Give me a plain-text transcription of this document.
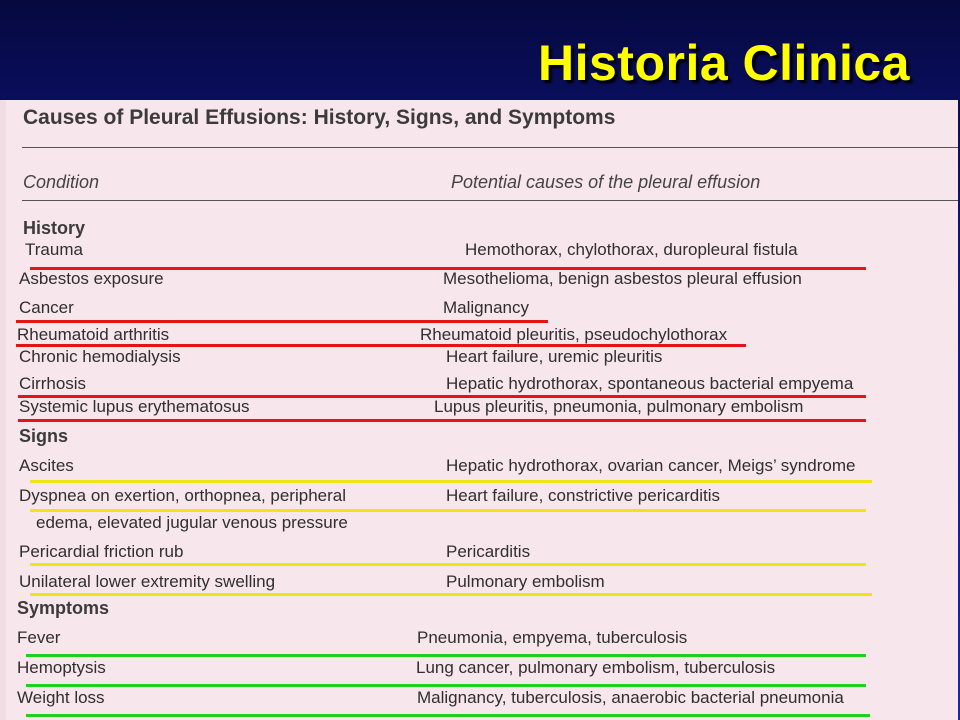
Historia Clinica
Causes of Pleural Effusions: History, Signs, and Symptoms
Condition	Potential causes of the pleural effusion
History
Trauma	Hemothorax, chylothorax, duropleural fistula
Asbestos exposure	Mesothelioma, benign asbestos pleural effusion
Cancer	Malignancy
Rheumatoid arthritis	Rheumatoid pleuritis, pseudochylothorax
Chronic hemodialysis	Heart failure, uremic pleuritis
Cirrhosis	Hepatic hydrothorax, spontaneous bacterial empyema
Systemic lupus erythematosus	Lupus pleuritis, pneumonia, pulmonary embolism
Signs
Ascites	Hepatic hydrothorax, ovarian cancer, Meigs’ syndrome
Dyspnea on exertion, orthopnea, peripheral	Heart failure, constrictive pericarditis
edema, elevated jugular venous pressure
Pericardial friction rub	Pericarditis
Unilateral lower extremity swelling	Pulmonary embolism
Symptoms
Fever	Pneumonia, empyema, tuberculosis
Hemoptysis	Lung cancer, pulmonary embolism, tuberculosis
Weight loss	Malignancy, tuberculosis, anaerobic bacterial pneumonia
